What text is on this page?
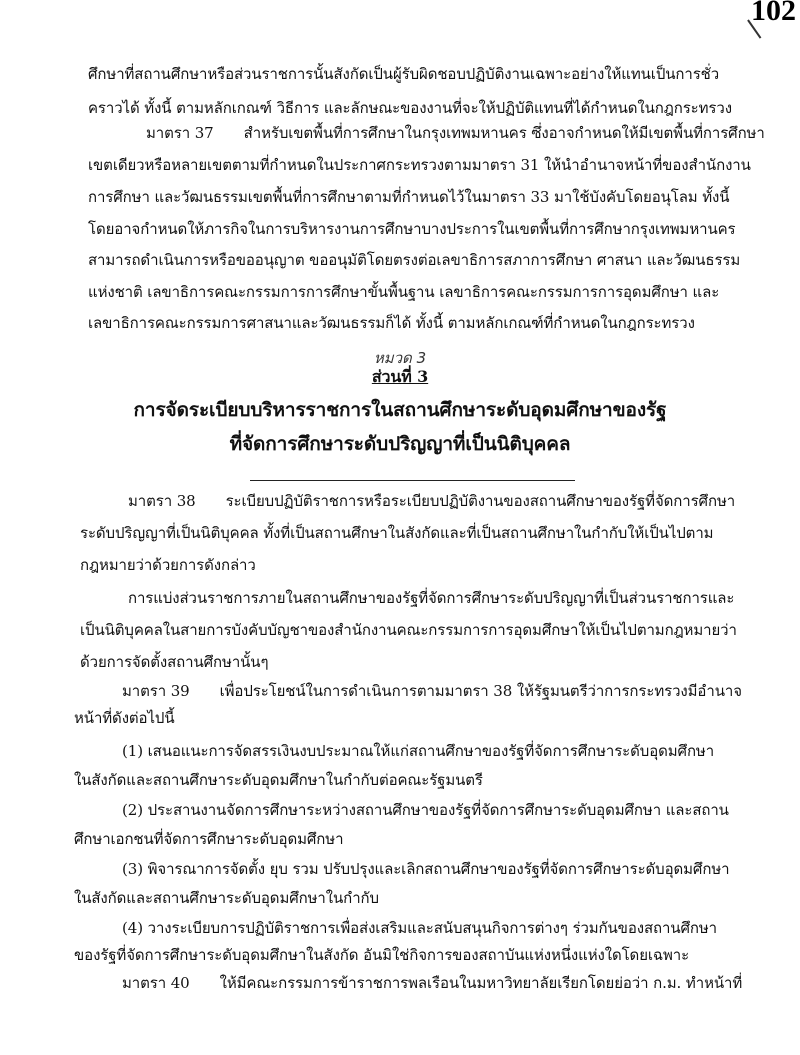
102
ศึกษาที่สถานศึกษาหรือส่วนราชการนั้นสังกัดเป็นผู้รับผิดชอบปฏิบัติงานเฉพาะอย่างให้แทนเป็นการชั่ว
คราวได้ ทั้งนี้ ตามหลักเกณฑ์ วิธีการ และลักษณะของงานที่จะให้ปฏิบัติแทนที่ได้กำหนดในกฎกระทรวง
มาตรา 37 สำหรับเขตพื้นที่การศึกษาในกรุงเทพมหานคร ซึ่งอาจกำหนดให้มีเขตพื้นที่การศึกษา
เขตเดียวหรือหลายเขตตามที่กำหนดในประกาศกระทรวงตามมาตรา 31 ให้นำอำนาจหน้าที่ของสำนักงาน
การศึกษา และวัฒนธรรมเขตพื้นที่การศึกษาตามที่กำหนดไว้ในมาตรา 33 มาใช้บังคับโดยอนุโลม ทั้งนี้
โดยอาจกำหนดให้ภารกิจในการบริหารงานการศึกษาบางประการในเขตพื้นที่การศึกษากรุงเทพมหานคร
สามารถดำเนินการหรือขออนุญาต ขออนุมัติโดยตรงต่อเลขาธิการสภาการศึกษา ศาสนา และวัฒนธรรม
แห่งชาติ เลขาธิการคณะกรรมการการศึกษาขั้นพื้นฐาน เลขาธิการคณะกรรมการการอุดมศึกษา และ
เลขาธิการคณะกรรมการศาสนาและวัฒนธรรมก็ได้ ทั้งนี้ ตามหลักเกณฑ์ที่กำหนดในกฎกระทรวง
หมวด 3
ส่วนที่ 3
การจัดระเบียบบริหารราชการในสถานศึกษาระดับอุดมศึกษาของรัฐ
ที่จัดการศึกษาระดับปริญญาที่เป็นนิติบุคคล
มาตรา 38 ระเบียบปฏิบัติราชการหรือระเบียบปฏิบัติงานของสถานศึกษาของรัฐที่จัดการศึกษา
ระดับปริญญาที่เป็นนิติบุคคล ทั้งที่เป็นสถานศึกษาในสังกัดและที่เป็นสถานศึกษาในกำกับให้เป็นไปตาม
กฎหมายว่าด้วยการดังกล่าว
การแบ่งส่วนราชการภายในสถานศึกษาของรัฐที่จัดการศึกษาระดับปริญญาที่เป็นส่วนราชการและ
เป็นนิติบุคคลในสายการบังคับบัญชาของสำนักงานคณะกรรมการการอุดมศึกษาให้เป็นไปตามกฎหมายว่า
ด้วยการจัดตั้งสถานศึกษานั้นๆ
มาตรา 39 เพื่อประโยชน์ในการดำเนินการตามมาตรา 38 ให้รัฐมนตรีว่าการกระทรวงมีอำนาจ
หน้าที่ดังต่อไปนี้
(1) เสนอแนะการจัดสรรเงินงบประมาณให้แก่สถานศึกษาของรัฐที่จัดการศึกษาระดับอุดมศึกษา
ในสังกัดและสถานศึกษาระดับอุดมศึกษาในกำกับต่อคณะรัฐมนตรี
(2) ประสานงานจัดการศึกษาระหว่างสถานศึกษาของรัฐที่จัดการศึกษาระดับอุดมศึกษา และสถาน
ศึกษาเอกชนที่จัดการศึกษาระดับอุดมศึกษา
(3) พิจารณาการจัดตั้ง ยุบ รวม ปรับปรุงและเลิกสถานศึกษาของรัฐที่จัดการศึกษาระดับอุดมศึกษา
ในสังกัดและสถานศึกษาระดับอุดมศึกษาในกำกับ
(4) วางระเบียบการปฏิบัติราชการเพื่อส่งเสริมและสนับสนุนกิจการต่างๆ ร่วมกันของสถานศึกษา
ของรัฐที่จัดการศึกษาระดับอุดมศึกษาในสังกัด อันมิใช่กิจการของสถาบันแห่งหนึ่งแห่งใดโดยเฉพาะ
มาตรา 40 ให้มีคณะกรรมการข้าราชการพลเรือนในมหาวิทยาลัยเรียกโดยย่อว่า ก.ม. ทำหน้าที่
